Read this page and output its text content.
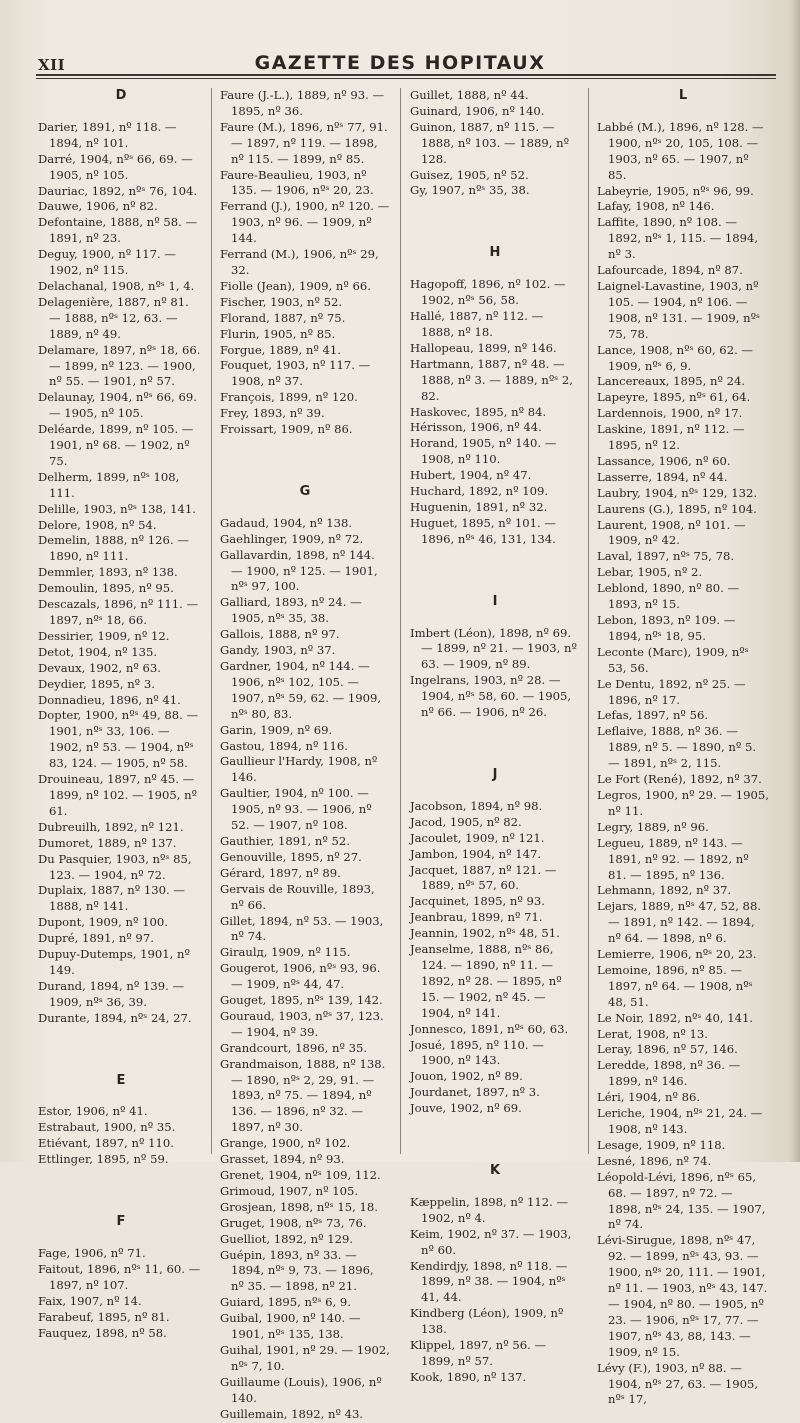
XII	GAZETTE DES HOPITAUX
D
Darier, 1891, nº 118. — 1894, nº 101.
Darré, 1904, nºˢ 66, 69. — 1905, nº 105.
Dauriac, 1892, nºˢ 76, 104.
Dauwe, 1906, nº 82.
Defontaine, 1888, nº 58. — 1891, nº 23.
Deguy, 1900, nº 117. — 1902, nº 115.
Delachanal, 1908, nºˢ 1, 4.
Delagenière, 1887, nº 81. — 1888, nºˢ 12, 63. — 1889, nº 49.
Delamare, 1897, nºˢ 18, 66. — 1899, nº 123. — 1900, nº 55. — 1901, nº 57.
Delaunay, 1904, nºˢ 66, 69. — 1905, nº 105.
Deléarde, 1899, nº 105. — 1901, nº 68. — 1902, nº 75.
Delherm, 1899, nºˢ 108, 111.
Delille, 1903, nºˢ 138, 141.
Delore, 1908, nº 54.
Demelin, 1888, nº 126. — 1890, nº 111.
Demmler, 1893, nº 138.
Demoulin, 1895, nº 95.
Descazals, 1896, nº 111. — 1897, nºˢ 18, 66.
Dessirier, 1909, nº 12.
Detot, 1904, nº 135.
Devaux, 1902, nº 63.
Deydier, 1895, nº 3.
Donnadieu, 1896, nº 41.
Dopter, 1900, nºˢ 49, 88. — 1901, nºˢ 33, 106. — 1902, nº 53. — 1904, nºˢ 83, 124. — 1905, nº 58.
Drouineau, 1897, nº 45. — 1899, nº 102. — 1905, nº 61.
Dubreuilh, 1892, nº 121.
Dumoret, 1889, nº 137.
Du Pasquier, 1903, nºˢ 85, 123. — 1904, nº 72.
Duplaix, 1887, nº 130. — 1888, nº 141.
Dupont, 1909, nº 100.
Dupré, 1891, nº 97.
Dupuy-Dutemps, 1901, nº 149.
Durand, 1894, nº 139. — 1909, nºˢ 36, 39.
Durante, 1894, nºˢ 24, 27.
E
Estor, 1906, nº 41.
Estrabaut, 1900, nº 35.
Etiévant, 1897, nº 110.
Ettlinger, 1895, nº 59.
F
Fage, 1906, nº 71.
Faitout, 1896, nºˢ 11, 60. — 1897, nº 107.
Faix, 1907, nº 14.
Farabeuf, 1895, nº 81.
Fauquez, 1898, nº 58.
Faure (J.-L.), 1889, nº 93. — 1895, nº 36.
Faure (M.), 1896, nºˢ 77, 91. — 1897, nº 119. — 1898, nº 115. — 1899, nº 85.
Faure-Beaulieu, 1903, nº 135. — 1906, nºˢ 20, 23.
Ferrand (J.), 1900, nº 120. — 1903, nº 96. — 1909, nº 144.
Ferrand (M.), 1906, nºˢ 29, 32.
Fiolle (Jean), 1909, nº 66.
Fischer, 1903, nº 52.
Florand, 1887, nº 75.
Flurin, 1905, nº 85.
Forgue, 1889, nº 41.
Fouquet, 1903, nº 117. — 1908, nº 37.
François, 1899, nº 120.
Frey, 1893, nº 39.
Froissart, 1909, nº 86.
G
Gadaud, 1904, nº 138.
Gaehlinger, 1909, nº 72.
Gallavardin, 1898, nº 144. — 1900, nº 125. — 1901, nºˢ 97, 100.
Galliard, 1893, nº 24. — 1905, nºˢ 35, 38.
Gallois, 1888, nº 97.
Gandy, 1903, nº 37.
Gardner, 1904, nº 144. — 1906, nºˢ 102, 105. — 1907, nºˢ 59, 62. — 1909, nºˢ 80, 83.
Garin, 1909, nº 69.
Gastou, 1894, nº 116.
Gaullieur l'Hardy, 1908, nº 146.
Gaultier, 1904, nº 100. — 1905, nº 93. — 1906, nº 52. — 1907, nº 108.
Gauthier, 1891, nº 52.
Genouville, 1895, nº 27.
Gérard, 1897, nº 89.
Gervais de Rouville, 1893, nº 66.
Gillet, 1894, nº 53. — 1903, nº 74.
Giraulд, 1909, nº 115.
Gougerot, 1906, nºˢ 93, 96. — 1909, nºˢ 44, 47.
Gouget, 1895, nºˢ 139, 142.
Gouraud, 1903, nºˢ 37, 123. — 1904, nº 39.
Grandcourt, 1896, nº 35.
Grandmaison, 1888, nº 138. — 1890, nºˢ 2, 29, 91. — 1893, nº 75. — 1894, nº 136. — 1896, nº 32. — 1897, nº 30.
Grange, 1900, nº 102.
Grasset, 1894, nº 93.
Grenet, 1904, nºˢ 109, 112.
Grimoud, 1907, nº 105.
Grosjean, 1898, nºˢ 15, 18.
Gruget, 1908, nºˢ 73, 76.
Guelliot, 1892, nº 129.
Guépin, 1893, nº 33. — 1894, nºˢ 9, 73. — 1896, nº 35. — 1898, nº 21.
Guiard, 1895, nºˢ 6, 9.
Guibal, 1900, nº 140. — 1901, nºˢ 135, 138.
Guihal, 1901, nº 29. — 1902, nºˢ 7, 10.
Guillaume (Louis), 1906, nº 140.
Guillemain, 1892, nº 43.
Guillet, 1888, nº 44.
Guinard, 1906, nº 140.
Guinon, 1887, nº 115. — 1888, nº 103. — 1889, nº 128.
Guisez, 1905, nº 52.
Gy, 1907, nºˢ 35, 38.
H
Hagopoff, 1896, nº 102. — 1902, nºˢ 56, 58.
Hallé, 1887, nº 112. — 1888, nº 18.
Hallopeau, 1899, nº 146.
Hartmann, 1887, nº 48. — 1888, nº 3. — 1889, nºˢ 2, 82.
Haskovec, 1895, nº 84.
Hérisson, 1906, nº 44.
Horand, 1905, nº 140. — 1908, nº 110.
Hubert, 1904, nº 47.
Huchard, 1892, nº 109.
Huguenin, 1891, nº 32.
Huguet, 1895, nº 101. — 1896, nºˢ 46, 131, 134.
I
Imbert (Léon), 1898, nº 69. — 1899, nº 21. — 1903, nº 63. — 1909, nº 89.
Ingelrans, 1903, nº 28. — 1904, nºˢ 58, 60. — 1905, nº 66. — 1906, nº 26.
J
Jacobson, 1894, nº 98.
Jacod, 1905, nº 82.
Jacoulet, 1909, nº 121.
Jambon, 1904, nº 147.
Jacquet, 1887, nº 121. — 1889, nºˢ 57, 60.
Jacquinet, 1895, nº 93.
Jeanbrau, 1899, nº 71.
Jeannin, 1902, nºˢ 48, 51.
Jeanselme, 1888, nºˢ 86, 124. — 1890, nº 11. — 1892, nº 28. — 1895, nº 15. — 1902, nº 45. — 1904, nº 141.
Jonnesco, 1891, nºˢ 60, 63.
Josué, 1895, nº 110. — 1900, nº 143.
Jouon, 1902, nº 89.
Jourdanet, 1897, nº 3.
Jouve, 1902, nº 69.
K
Kæppelin, 1898, nº 112. — 1902, nº 4.
Keim, 1902, nº 37. — 1903, nº 60.
Kendirdjy, 1898, nº 118. — 1899, nº 38. — 1904, nºˢ 41, 44.
Kindberg (Léon), 1909, nº 138.
Klippel, 1897, nº 56. — 1899, nº 57.
Kook, 1890, nº 137.
L
Labbé (M.), 1896, nº 128. — 1900, nºˢ 20, 105, 108. — 1903, nº 65. — 1907, nº 85.
Labeyrie, 1905, nºˢ 96, 99.
Lafay, 1908, nº 146.
Laffite, 1890, nº 108. — 1892, nºˢ 1, 115. — 1894, nº 3.
Lafourcade, 1894, nº 87.
Laignel-Lavastine, 1903, nº 105. — 1904, nº 106. — 1908, nº 131. — 1909, nºˢ 75, 78.
Lance, 1908, nºˢ 60, 62. — 1909, nºˢ 6, 9.
Lancereaux, 1895, nº 24.
Lapeyre, 1895, nºˢ 61, 64.
Lardennois, 1900, nº 17.
Laskine, 1891, nº 112. — 1895, nº 12.
Lassance, 1906, nº 60.
Lasserre, 1894, nº 44.
Laubry, 1904, nºˢ 129, 132.
Laurens (G.), 1895, nº 104.
Laurent, 1908, nº 101. — 1909, nº 42.
Laval, 1897, nºˢ 75, 78.
Lebar, 1905, nº 2.
Leblond, 1890, nº 80. — 1893, nº 15.
Lebon, 1893, nº 109. — 1894, nºˢ 18, 95.
Leconte (Marc), 1909, nºˢ 53, 56.
Le Dentu, 1892, nº 25. — 1896, nº 17.
Lefas, 1897, nº 56.
Leflaive, 1888, nº 36. — 1889, nº 5. — 1890, nº 5. — 1891, nºˢ 2, 115.
Le Fort (René), 1892, nº 37.
Legros, 1900, nº 29. — 1905, nº 11.
Legry, 1889, nº 96.
Legueu, 1889, nº 143. — 1891, nº 92. — 1892, nº 81. — 1895, nº 136.
Lehmann, 1892, nº 37.
Lejars, 1889, nºˢ 47, 52, 88. — 1891, nº 142. — 1894, nº 64. — 1898, nº 6.
Lemierre, 1906, nºˢ 20, 23.
Lemoine, 1896, nº 85. — 1897, nº 64. — 1908, nºˢ 48, 51.
Le Noir, 1892, nºˢ 40, 141.
Lerat, 1908, nº 13.
Leray, 1896, nº 57, 146.
Leredde, 1898, nº 36. — 1899, nº 146.
Léri, 1904, nº 86.
Leriche, 1904, nºˢ 21, 24. — 1908, nº 143.
Lesage, 1909, nº 118.
Lesné, 1896, nº 74.
Léopold-Lévi, 1896, nºˢ 65, 68. — 1897, nº 72. — 1898, nºˢ 24, 135. — 1907, nº 74.
Lévi-Sirugue, 1898, nºˢ 47, 92. — 1899, nºˢ 43, 93. — 1900, nºˢ 20, 111. — 1901, nº 11. — 1903, nºˢ 43, 147. — 1904, nº 80. — 1905, nº 23. — 1906, nºˢ 17, 77. — 1907, nºˢ 43, 88, 143. — 1909, nº 15.
Lévy (F.), 1903, nº 88. — 1904, nºˢ 27, 63. — 1905, nºˢ 17,
